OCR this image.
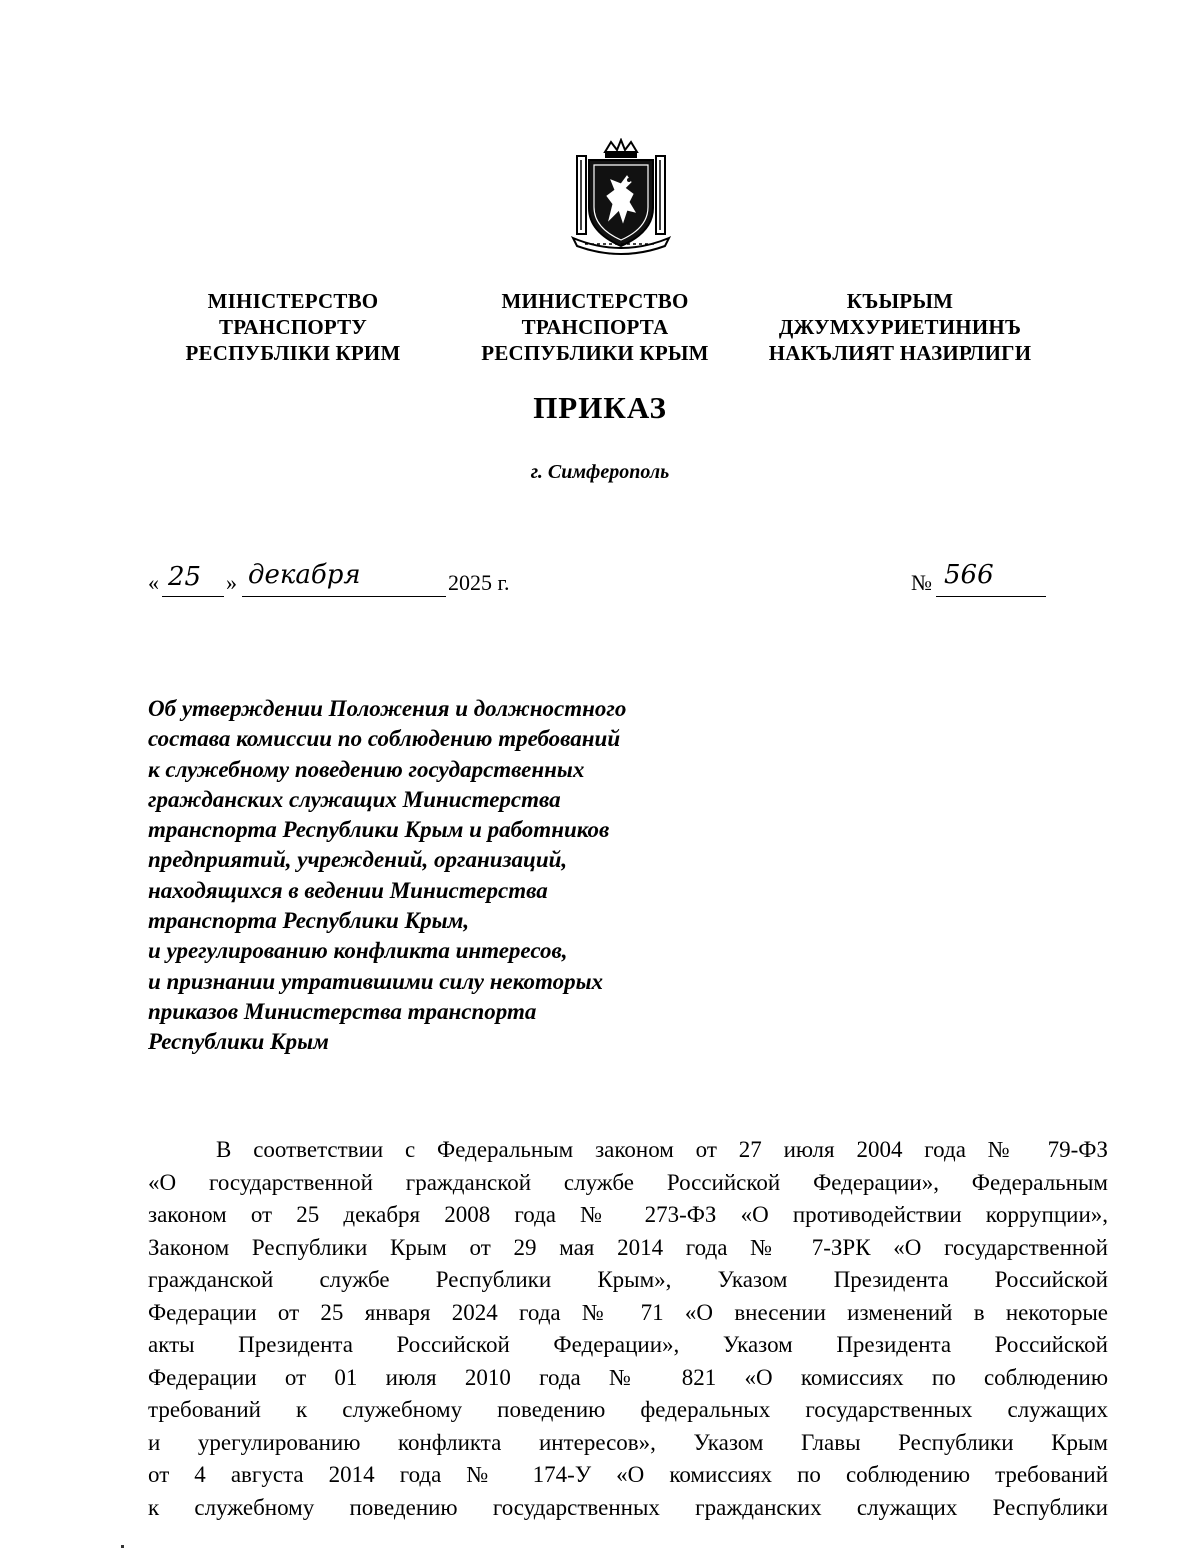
МІНІСТЕРСТВО
ТРАНСПОРТУ
РЕСПУБЛІКИ КРИМ
МИНИСТЕРСТВО
ТРАНСПОРТА
РЕСПУБЛИКИ КРЫМ
КЪЫРЫМ
ДЖУМХУРИЕТИНИНЪ
НАКЪЛИЯТ НАЗИРЛИГИ
ПРИКАЗ
г. Симферополь
« 25 » декабря	2025 г.	№ 566
Об утверждении Положения и должностного
состава комиссии по соблюдению требований
к служебному поведению государственных
гражданских служащих Министерства
транспорта Республики Крым и работников
предприятий, учреждений, организаций,
находящихся в ведении Министерства
транспорта Республики Крым,
и урегулированию конфликта интересов,
и признании утратившими силу некоторых
приказов Министерства транспорта
Республики Крым
В соответствии с Федеральным законом от 27 июля 2004 года № 79-ФЗ
«О государственной гражданской службе Российской Федерации», Федеральным
законом от 25 декабря 2008 года № 273-ФЗ «О противодействии коррупции»,
Законом Республики Крым от 29 мая 2014 года № 7-ЗРК «О государственной
гражданской службе Республики Крым», Указом Президента Российской
Федерации от 25 января 2024 года № 71 «О внесении изменений в некоторые
акты Президента Российской Федерации», Указом Президента Российской
Федерации от 01 июля 2010 года № 821 «О комиссиях по соблюдению
требований к служебному поведению федеральных государственных служащих
и урегулированию конфликта интересов», Указом Главы Республики Крым
от 4 августа 2014 года № 174-У «О комиссиях по соблюдению требований
к служебному поведению государственных гражданских служащих Республики
